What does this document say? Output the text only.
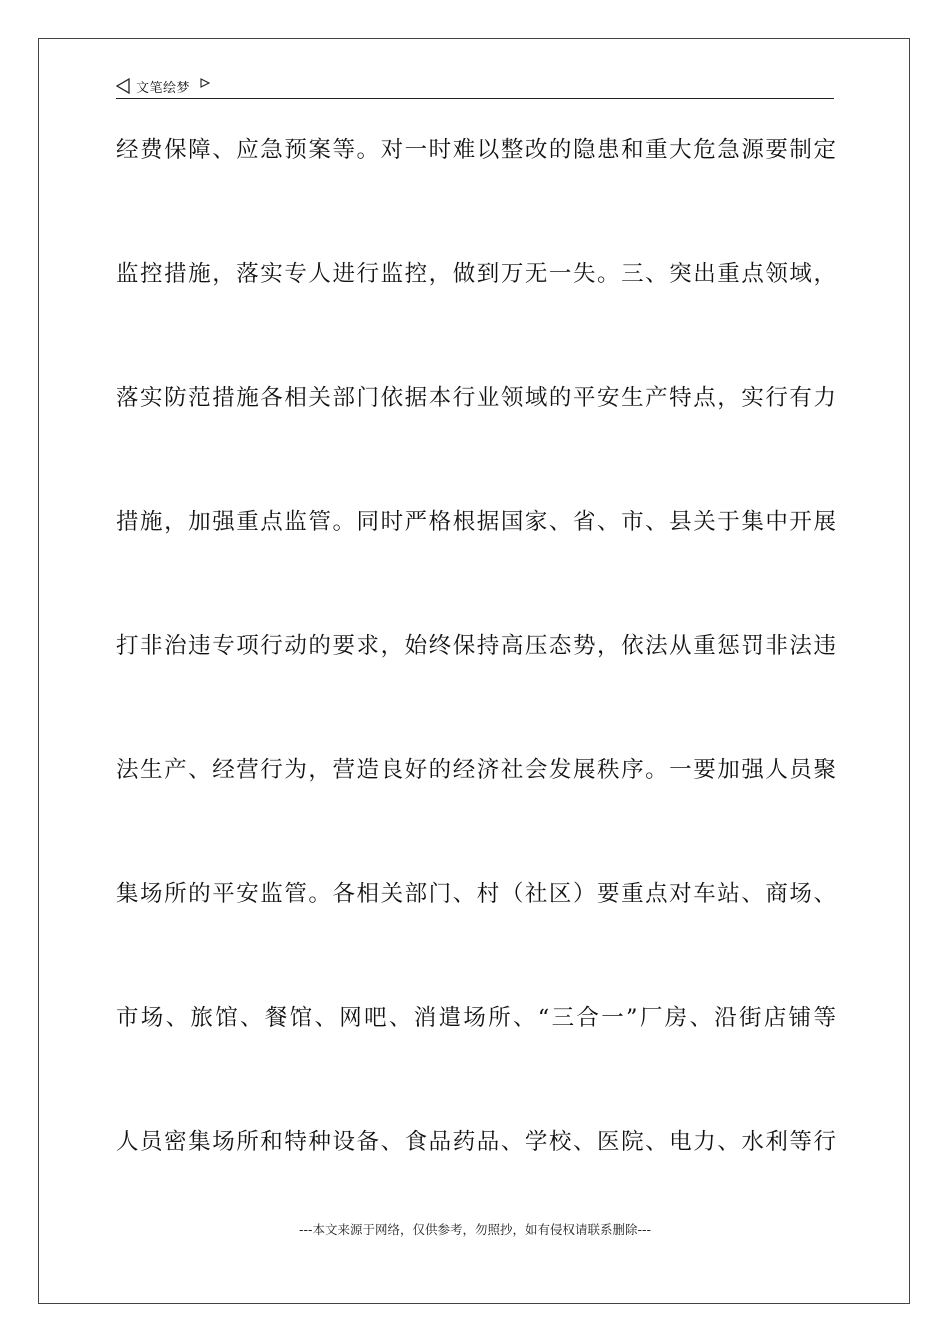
文笔绘梦
经费保障、应急预案等。对一时难以整改的隐患和重大危急源要制定
监控措施，落实专人进行监控，做到万无一失。三、突出重点领域，
落实防范措施各相关部门依据本行业领域的平安生产特点，实行有力
措施，加强重点监管。同时严格根据国家、省、市、县关于集中开展
打非治违专项行动的要求，始终保持高压态势，依法从重惩罚非法违
法生产、经营行为，营造良好的经济社会发展秩序。一要加强人员聚
集场所的平安监管。各相关部门、村（社区）要重点对车站、商场、
市场、旅馆、餐馆、网吧、消遣场所、“三合一”厂房、沿街店铺等
人员密集场所和特种设备、食品药品、学校、医院、电力、水利等行
---本文来源于网络，仅供参考，勿照抄，如有侵权请联系删除---
